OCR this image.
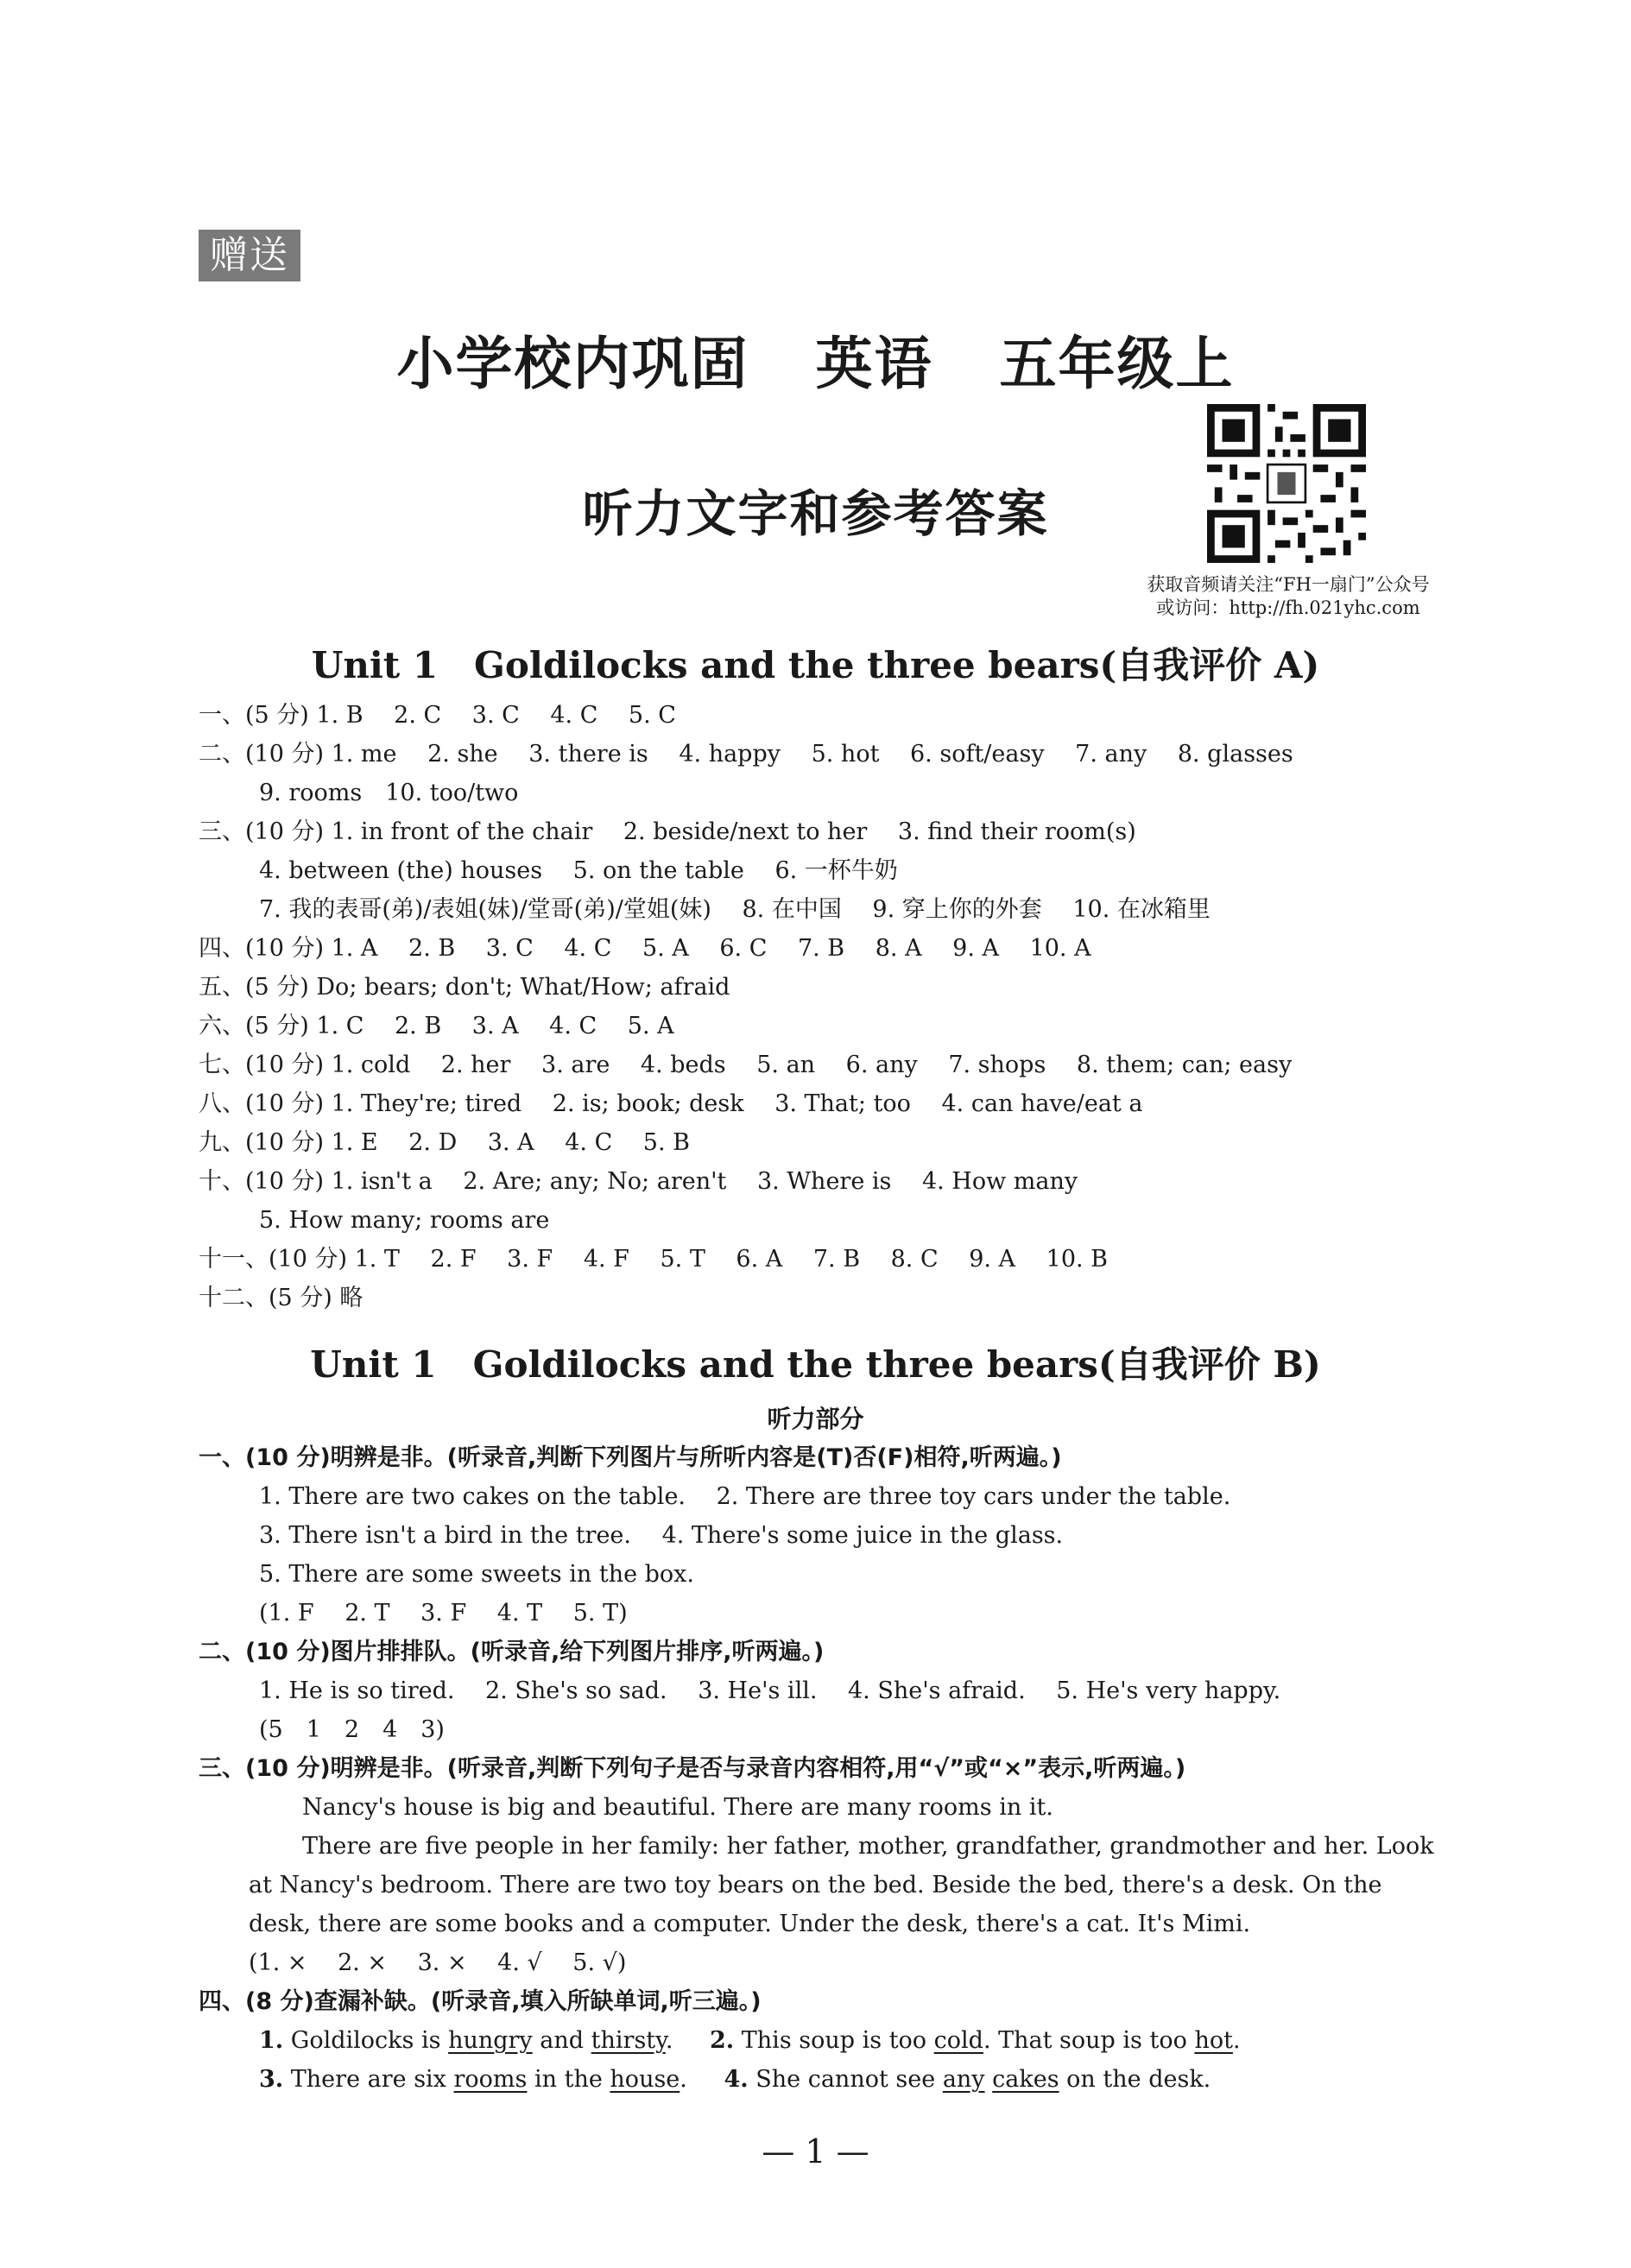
赠送
小学校内巩固 英语 五年级上
听力文字和参考答案
获取音频请关注“FH一扇门”公众号
或访问：http://fh.021yhc.com
Unit 1　Goldilocks and the three bears(自我评价 A)
一、(5 分) 1. B　 2. C　 3. C　 4. C　 5. C
二、(10 分) 1. me　 2. she　 3. there is　 4. happy　 5. hot　 6. soft/easy　 7. any　 8. glasses
9. rooms　10. too/two
三、(10 分) 1. in front of the chair　 2. beside/next to her　 3. find their room(s)
4. between (the) houses　 5. on the table　 6. 一杯牛奶
7. 我的表哥(弟)/表姐(妹)/堂哥(弟)/堂姐(妹)　 8. 在中国　 9. 穿上你的外套　 10. 在冰箱里
四、(10 分) 1. A　 2. B　 3. C　 4. C　 5. A　 6. C　 7. B　 8. A　 9. A　 10. A
五、(5 分) Do; bears; don't; What/How; afraid
六、(5 分) 1. C　 2. B　 3. A　 4. C　 5. A
七、(10 分) 1. cold　 2. her　 3. are　 4. beds　 5. an　 6. any　 7. shops　 8. them; can; easy
八、(10 分) 1. They're; tired　 2. is; book; desk　 3. That; too　 4. can have/eat a
九、(10 分) 1. E　 2. D　 3. A　 4. C　 5. B
十、(10 分) 1. isn't a　 2. Are; any; No; aren't　 3. Where is　 4. How many
5. How many; rooms are
十一、(10 分) 1. T　 2. F　 3. F　 4. F　 5. T　 6. A　 7. B　 8. C　 9. A　 10. B
十二、(5 分) 略
Unit 1　Goldilocks and the three bears(自我评价 B)
听力部分
一、(10 分)明辨是非。(听录音,判断下列图片与所听内容是(T)否(F)相符,听两遍。)
1. There are two cakes on the table.　 2. There are three toy cars under the table.
3. There isn't a bird in the tree.　 4. There's some juice in the glass.
5. There are some sweets in the box.
(1. F　 2. T　 3. F　 4. T　 5. T)
二、(10 分)图片排排队。(听录音,给下列图片排序,听两遍。)
1. He is so tired.　 2. She's so sad.　 3. He's ill.　 4. She's afraid.　 5. He's very happy.
(5　1　2　4　3)
三、(10 分)明辨是非。(听录音,判断下列句子是否与录音内容相符,用“√”或“×”表示,听两遍。)
Nancy's house is big and beautiful. There are many rooms in it.
There are five people in her family: her father, mother, grandfather, grandmother and her. Look at Nancy's bedroom. There are two toy bears on the bed. Beside the bed, there's a desk. On the desk, there are some books and a computer. Under the desk, there's a cat. It's Mimi.
(1. ×　 2. ×　 3. ×　 4. √　 5. √)
四、(8 分)查漏补缺。(听录音,填入所缺单词,听三遍。)
1. Goldilocks is hungry and thirsty. 2. This soup is too cold. That soup is too hot.
3. There are six rooms in the house. 4. She cannot see any cakes on the desk.
— 1 —
